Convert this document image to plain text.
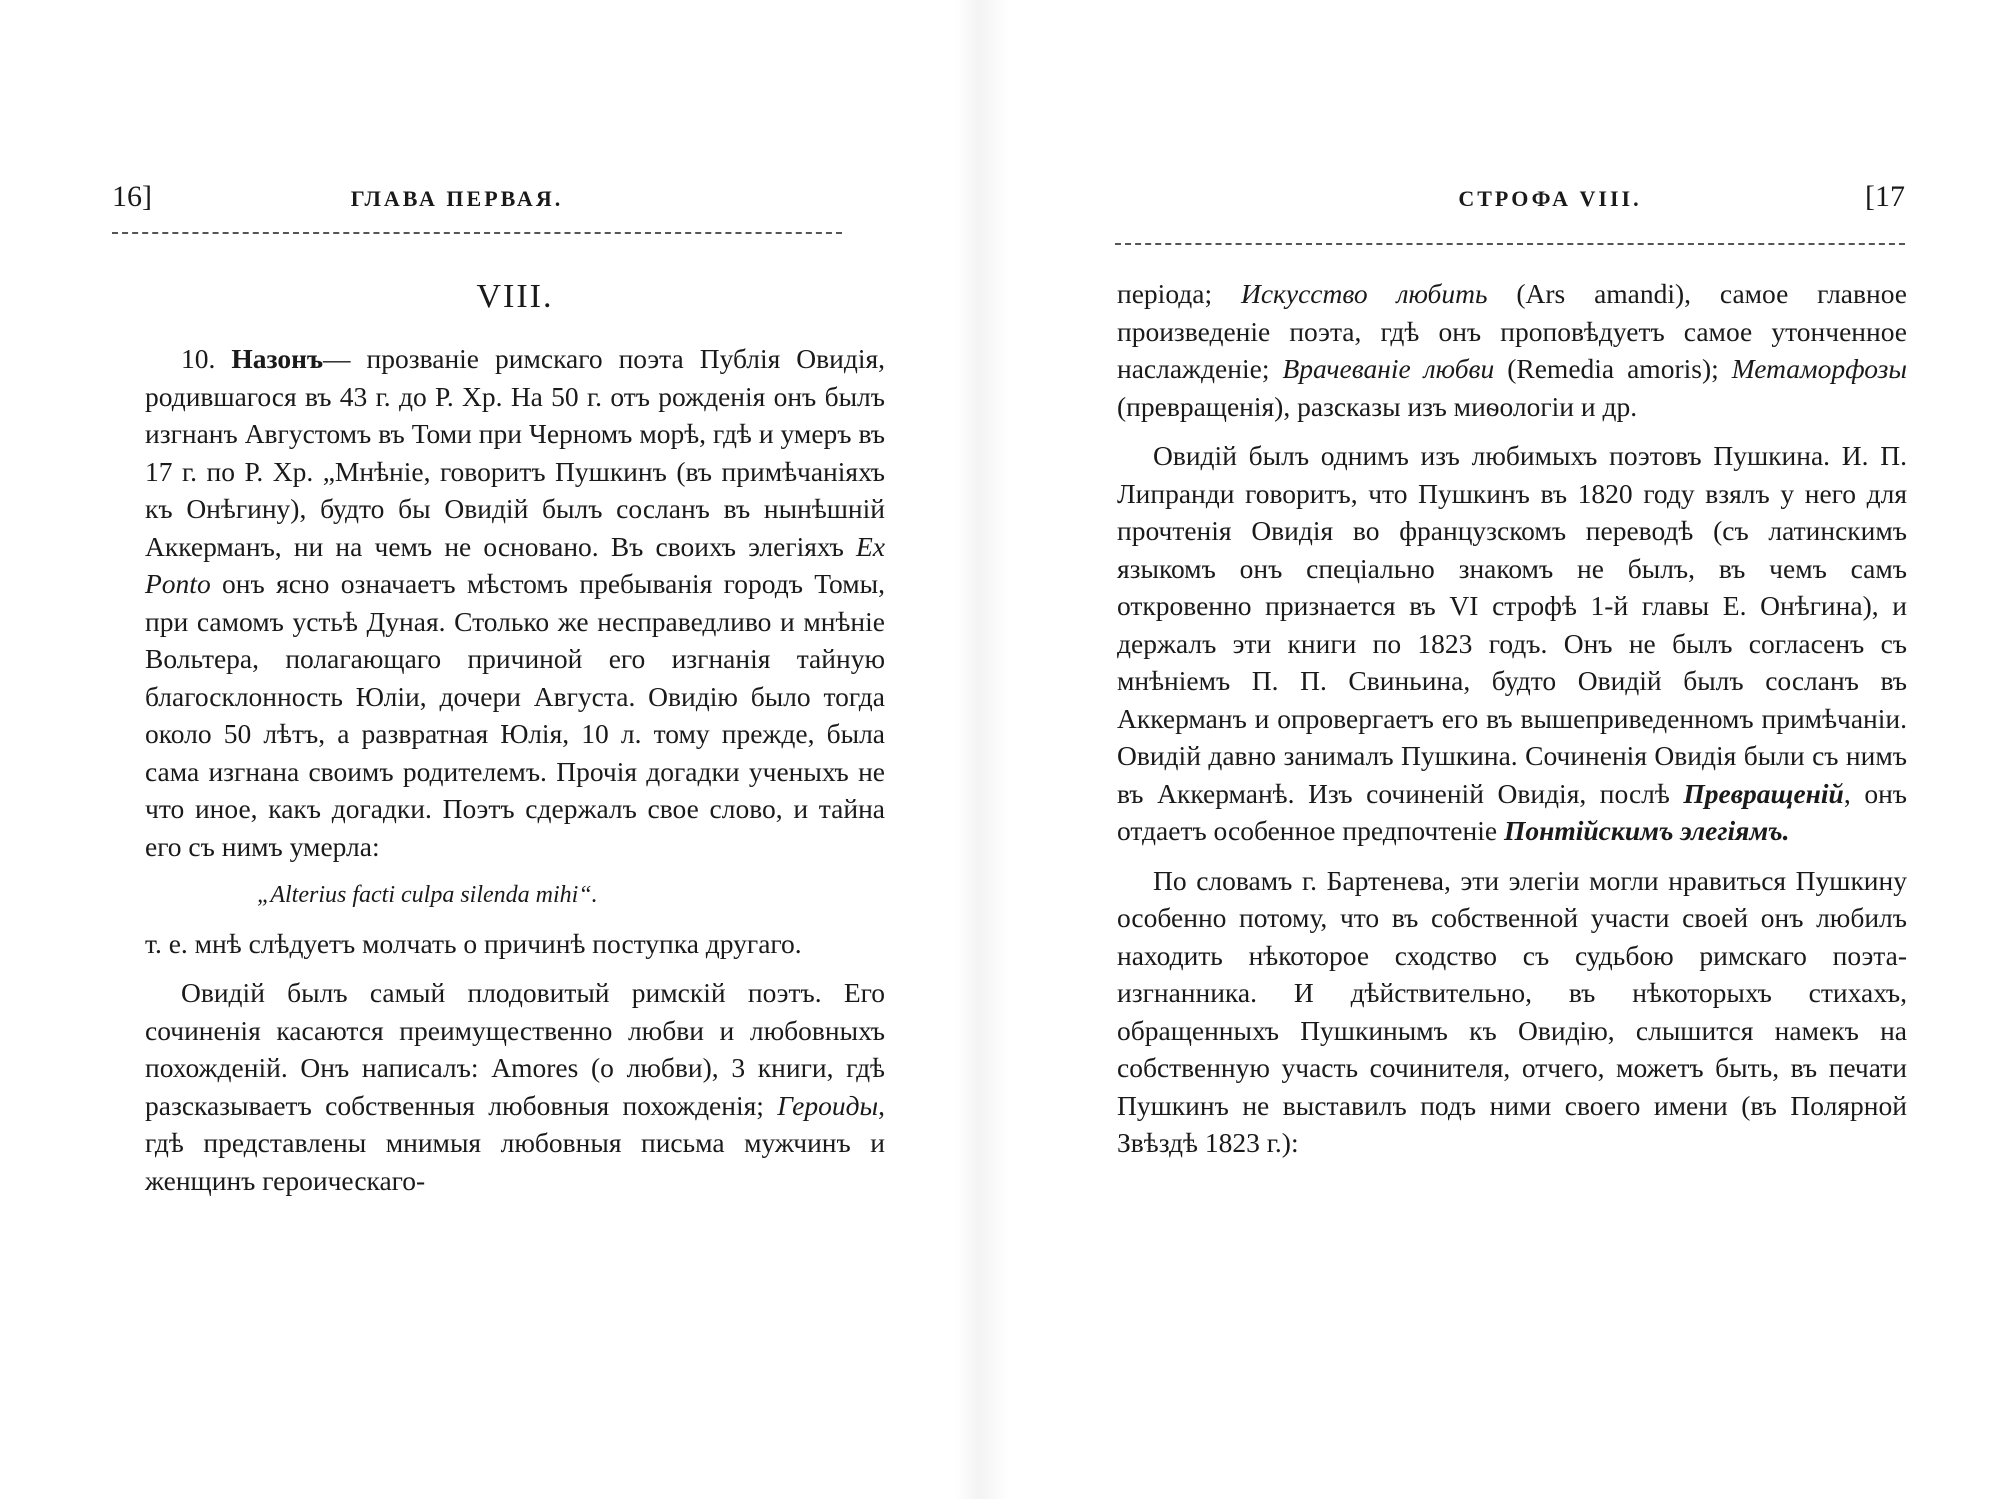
16]	ГЛАВА ПЕРВАЯ.
VIII.

10. Назонъ— прозваніе римскаго поэта Публія Овидія, родившагося въ 43 г. до Р. Хр. На 50 г. отъ рожденія онъ былъ изгнанъ Августомъ въ Томи при Черномъ морѣ, гдѣ и умеръ въ 17 г. по Р. Хр. „Мнѣніе, говоритъ Пушкинъ (въ примѣчаніяхъ къ Онѣгину), будто бы Овидій былъ сосланъ въ нынѣшній Аккерманъ, ни на чемъ не основано. Въ своихъ элегіяхъ Ex Ponto онъ ясно означаетъ мѣстомъ пребыванія городъ Томы, при самомъ устьѣ Дуная. Столько же несправедливо и мнѣніе Вольтера, полагающаго причиной его изгнанія тайную благосклонность Юліи, дочери Августа. Овидію было тогда около 50 лѣтъ, а развратная Юлія, 10 л. тому прежде, была сама изгнана своимъ родителемъ. Прочія догадки ученыхъ не что иное, какъ догадки. Поэтъ сдержалъ свое слово, и тайна его съ нимъ умерла:

„Alterius facti culpa silenda mihi“.

т. е. мнѣ слѣдуетъ молчать о причинѣ поступка другаго.

Овидій былъ самый плодовитый римскій поэтъ. Его сочиненія касаются преимущественно любви и любовныхъ похожденій. Онъ написалъ: Amores (о любви), 3 книги, гдѣ разсказываетъ собственныя любовныя похожденія; Героиды, гдѣ представлены мнимыя любовныя письма мужчинъ и женщинъ героическаго-

СТРОФА VIII.	[17

періода; Искусство любить (Ars amandi), самое главное произведеніе поэта, гдѣ онъ проповѣдуетъ самое утонченное наслажденіе; Врачеваніе любви (Remedia amoris); Метаморфозы (превращенія), разсказы изъ миѳологіи и др.

Овидій былъ однимъ изъ любимыхъ поэтовъ Пушкина. И. П. Липранди говоритъ, что Пушкинъ въ 1820 году взялъ у него для прочтенія Овидія во французскомъ переводѣ (съ латинскимъ языкомъ онъ спеціально знакомъ не былъ, въ чемъ самъ откровенно признается въ VI строфѣ 1-й главы Е. Онѣгина), и держалъ эти книги по 1823 годъ. Онъ не былъ согласенъ съ мнѣніемъ П. П. Свиньина, будто Овидій былъ сосланъ въ Аккерманъ и опровергаетъ его въ вышеприведенномъ примѣчаніи. Овидій давно занималъ Пушкина. Сочиненія Овидія были съ нимъ въ Аккерманѣ. Изъ сочиненій Овидія, послѣ Превращеній, онъ отдаетъ особенное предпочтеніе Понтійскимъ элегіямъ.

По словамъ г. Бартенева, эти элегіи могли нравиться Пушкину особенно потому, что въ собственной участи своей онъ любилъ находить нѣкоторое сходство съ судьбою римскаго поэта-изгнанника. И дѣйствительно, въ нѣкоторыхъ стихахъ, обращенныхъ Пушкинымъ къ Овидію, слышится намекъ на собственную участь сочинителя, отчего, можетъ быть, въ печати Пушкинъ не выставилъ подъ ними своего имени (въ Полярной Звѣздѣ 1823 г.):
